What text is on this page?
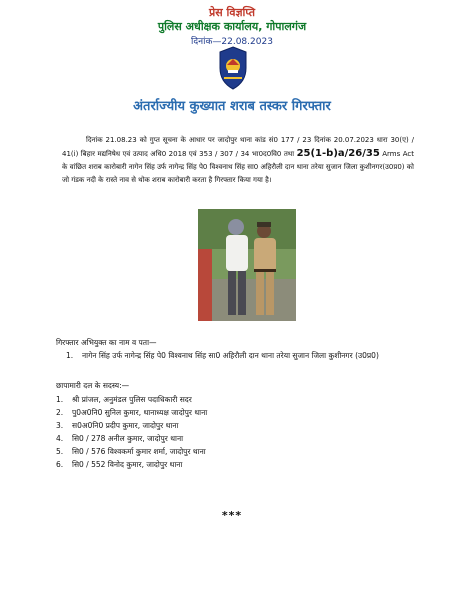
प्रेस विज्ञप्ति
पुलिस अधीक्षक कार्यालय, गोपालगंज
दिनांक—22.08.2023
अंतर्राज्यीय कुख्यात शराब तस्कर गिरफ्तार
दिनांक 21.08.23 को गुप्त सूचना के आधार पर जादोपुर थाना कांड सं0 177 / 23 दिनांक 20.07.2023 धारा 30(ए) / 41(i) बिहार मद्यनिषेध एवं उत्पाद अधि0 2018 एवं 353 / 307 / 34 भा0द0वि0 तथा 25(1-b)a/26/35 Arms Act के वांछित शराब कारोबारी नागेन सिंह उर्फ नागेन्द्र सिंह पे0 विश्वनाथ सिंह सा0 अहिरौली दान थाना तरेया सुजान जिला कुशीनगर(उ0प्र0) को जो गंडक नदी के रास्ते नाव से थोक शराब कारोबारी करता है गिरफ्तार किया गया है।
गिरफ्तार अभियुक्त का नाम व पता—
1. नागेन सिंह उर्फ नागेन्द्र सिंह पे0 विश्वनाथ सिंह सा0 अहिरौली दान थाना तरेया सुजान जिला कुशीनगर (उ0प्र0)
छापामारी दल के सदस्य:—
1. श्री प्रांजल, अनुमंडल पुलिस पदाधिकारी सदर
2. पु0अ0नि0 सुनिल कुमार, थानाध्यक्ष जादोपुर थाना
3. स0अ0नि0 प्रदीप कुमार, जादोपुर थाना
4. सि0 / 278 अनील कुमार, जादोपुर थाना
5. सि0 / 576 विश्वकर्मा कुमार शर्मा, जादोपुर थाना
6. सि0 / 552 विनोद कुमार, जादोपुर थाना
***
